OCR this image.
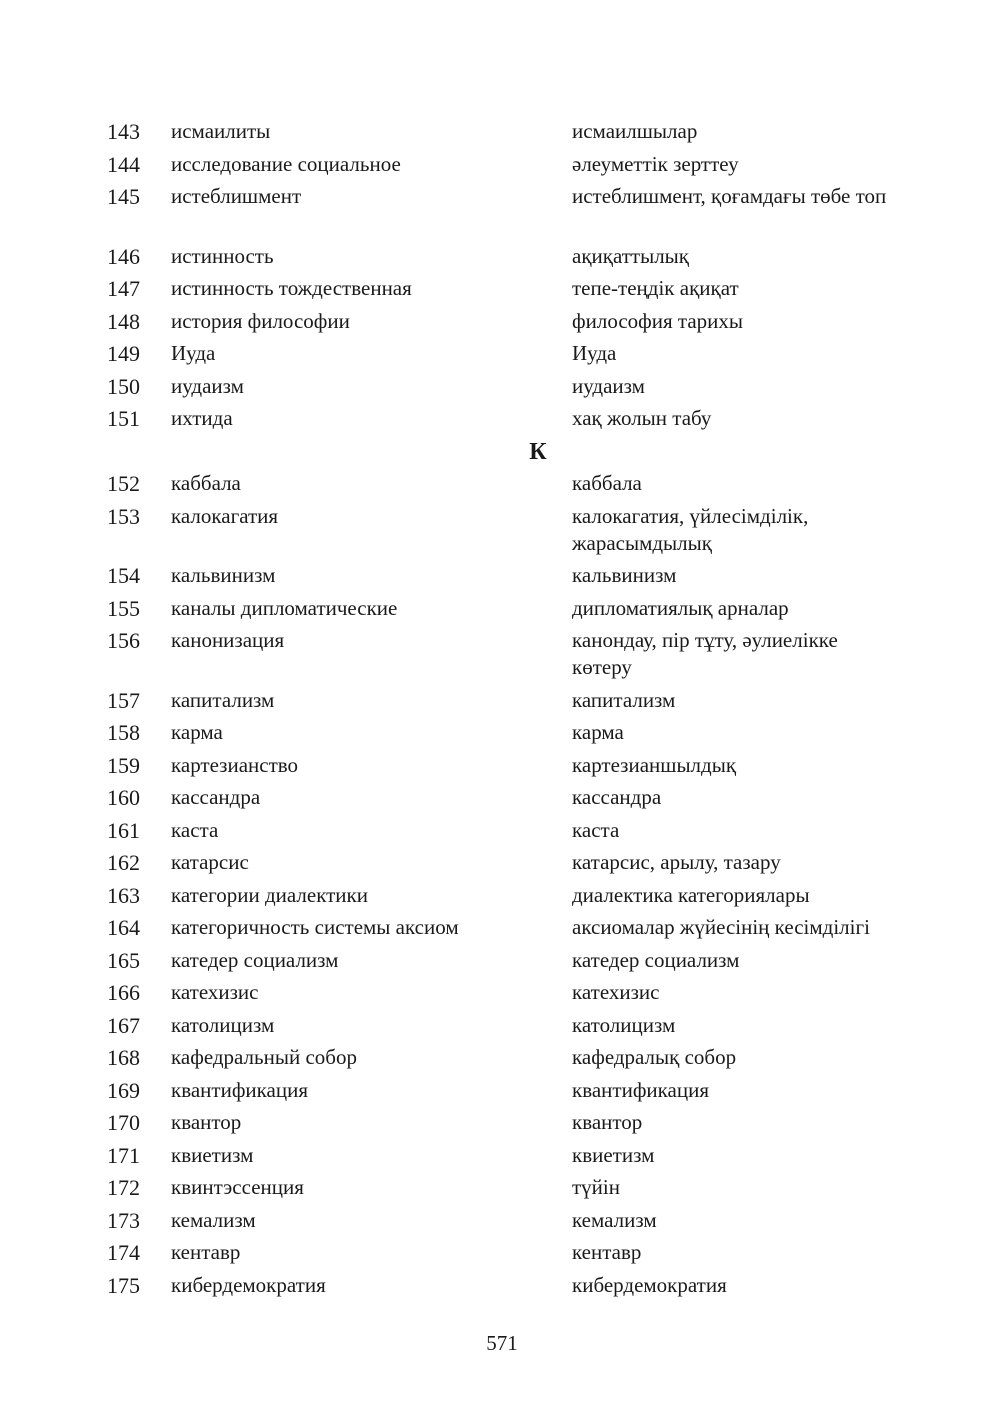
143	исмаилиты	исмаилшылар
144	исследование социальное	әлеуметтік зерттеу
145	истеблишмент	истеблишмент, қоғамдағы төбе топ
146	истинность	ақиқаттылық
147	истинность тождественная	тепе-теңдік ақиқат
148	история философии	философия тарихы
149	Иуда	Иуда
150	иудаизм	иудаизм
151	ихтида	хақ жолын табу
К
152	каббала	каббала
153	калокагатия	калокагатия, үйлесімділік, жарасымдылық
154	кальвинизм	кальвинизм
155	каналы дипломатические	дипломатиялық арналар
156	канонизация	канондау, пір тұту, әулиелікке көтеру
157	капитализм	капитализм
158	карма	карма
159	картезианство	картезианшылдық
160	кассандра	кассандра
161	каста	каста
162	катарсис	катарсис, арылу, тазару
163	категории диалектики	диалектика категориялары
164	категоричность системы аксиом	аксиомалар жүйесінің кесімділігі
165	катедер социализм	катедер социализм
166	катехизис	катехизис
167	католицизм	католицизм
168	кафедральный собор	кафедралық собор
169	квантификация	квантификация
170	квантор	квантор
171	квиетизм	квиетизм
172	квинтэссенция	түйін
173	кемализм	кемализм
174	кентавр	кентавр
175	кибердемократия	кибердемократия
571
